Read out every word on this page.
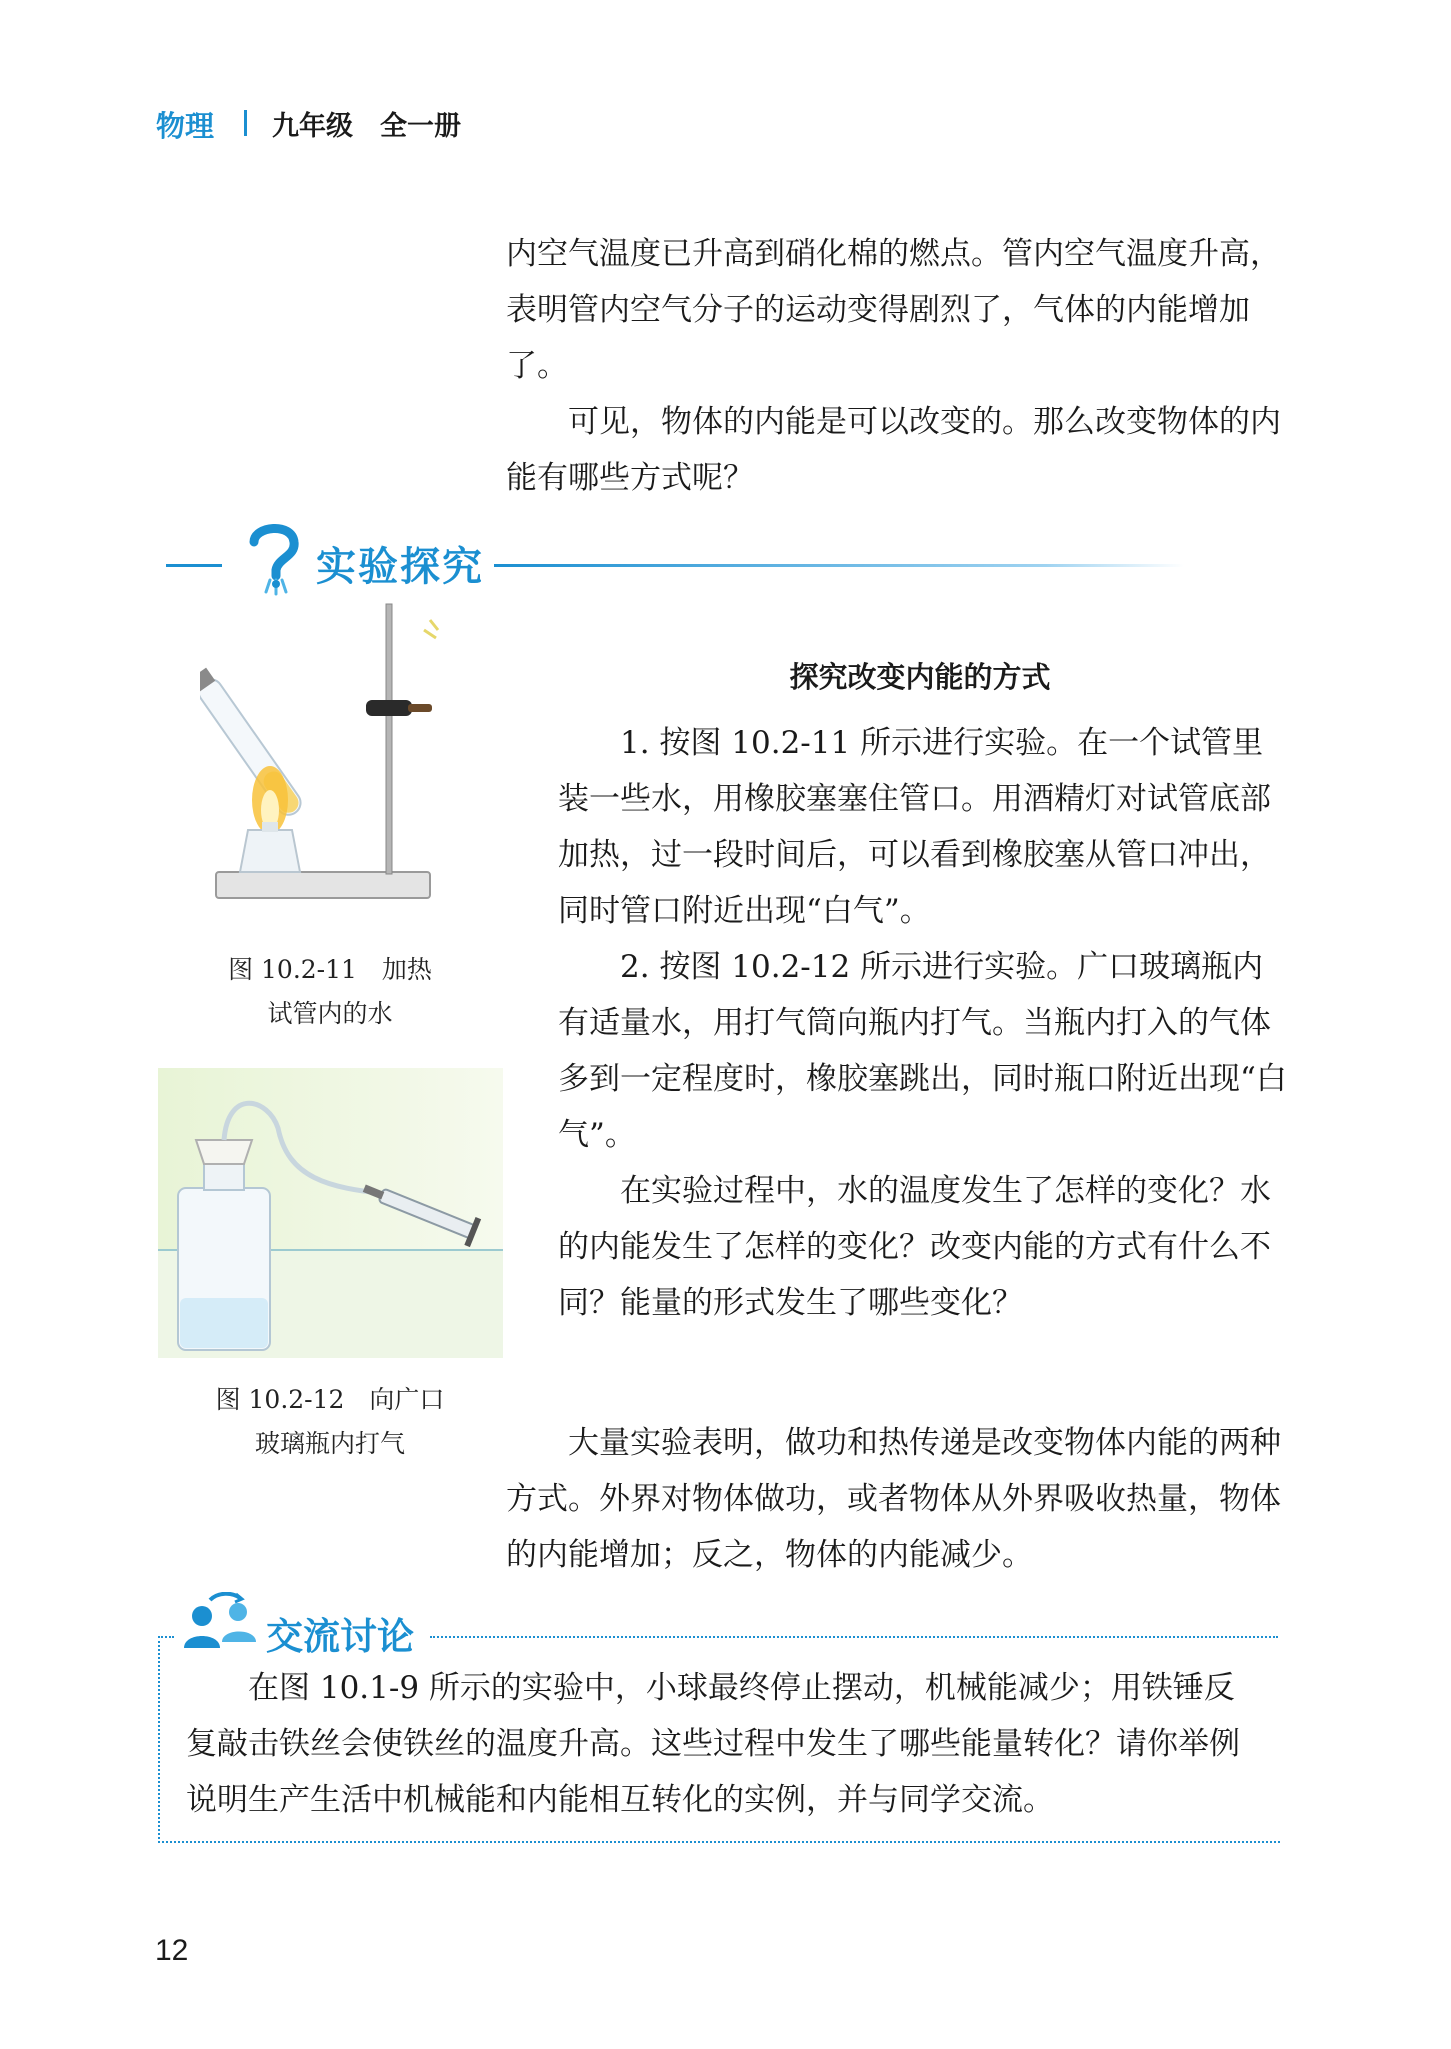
物理 九年级　全一册

内空气温度已升高到硝化棉的燃点。管内空气温度升高，表明管内空气分子的运动变得剧烈了，气体的内能增加了。

可见，物体的内能是可以改变的。那么改变物体的内能有哪些方式呢？

实验探究
图 10.2-11　加热
试管内的水
图 10.2-12　向广口
玻璃瓶内打气
探究改变内能的方式

1. 按图 10.2-11 所示进行实验。在一个试管里装一些水，用橡胶塞塞住管口。用酒精灯对试管底部加热，过一段时间后，可以看到橡胶塞从管口冲出，同时管口附近出现“白气”。

2. 按图 10.2-12 所示进行实验。广口玻璃瓶内有适量水，用打气筒向瓶内打气。当瓶内打入的气体多到一定程度时，橡胶塞跳出，同时瓶口附近出现“白气”。

在实验过程中，水的温度发生了怎样的变化？水的内能发生了怎样的变化？改变内能的方式有什么不同？能量的形式发生了哪些变化？

大量实验表明，做功和热传递是改变物体内能的两种方式。外界对物体做功，或者物体从外界吸收热量，物体的内能增加；反之，物体的内能减少。

交流讨论

在图 10.1-9 所示的实验中，小球最终停止摆动，机械能减少；用铁锤反复敲击铁丝会使铁丝的温度升高。这些过程中发生了哪些能量转化？请你举例说明生产生活中机械能和内能相互转化的实例，并与同学交流。

12
